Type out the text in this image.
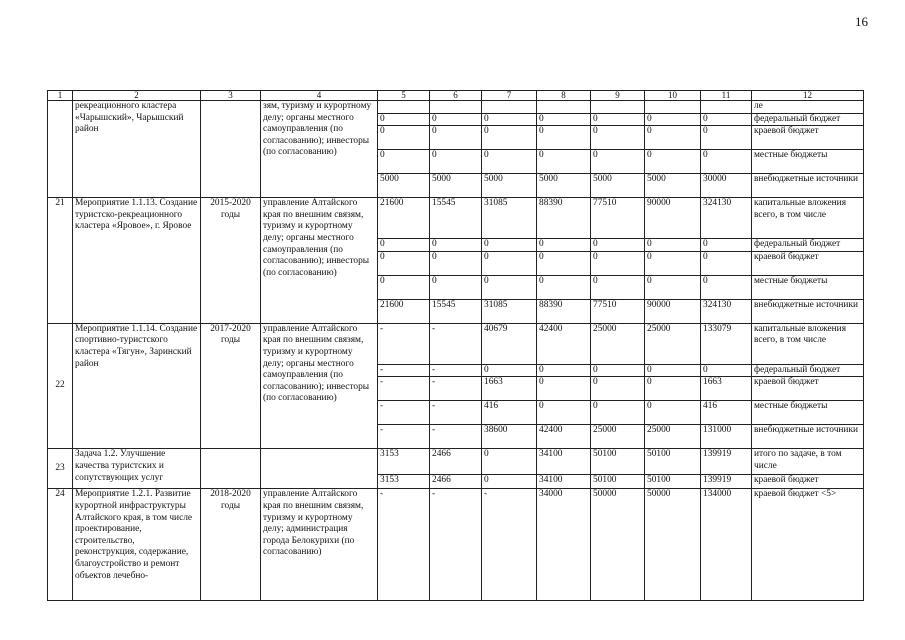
16
1	2	3	4	5	6	7	8	9	10	11	12
	рекреационного кластера «Чарышский», Чарышский район		зям, туризму и курортному делу; органы местного самоуправления (по согласованию); инвесторы (по согласованию)								ле
				0	0	0	0	0	0	0	федеральный бюджет
				0	0	0	0	0	0	0	краевой бюджет
				0	0	0	0	0	0	0	местные бюджеты
				5000	5000	5000	5000	5000	5000	30000	внебюджетные источники
21	Мероприятие 1.1.13. Создание туристско-рекреационного кластера «Яровое», г. Яровое	2015-2020 годы	управление Алтайского края по внешним связям, туризму и курортному делу; органы местного самоуправления (по согласованию); инвесторы (по согласованию)	21600	15545	31085	88390	77510	90000	324130	капитальные вложения всего, в том числе
				0	0	0	0	0	0	0	федеральный бюджет
				0	0	0	0	0	0	0	краевой бюджет
				0	0	0	0	0	0	0	местные бюджеты
				21600	15545	31085	88390	77510	90000	324130	внебюджетные источники
22	Мероприятие 1.1.14. Создание спортивно-туристского кластера «Тягун», Заринский район	2017-2020 годы	управление Алтайского края по внешним связям, туризму и курортному делу; органы местного самоуправления (по согласованию); инвесторы (по согласованию)	-	-	40679	42400	25000	25000	133079	капитальные вложения всего, в том числе
				-	-	0	0	0	0	0	федеральный бюджет
				-	-	1663	0	0	0	1663	краевой бюджет
				-	-	416	0	0	0	416	местные бюджеты
				-	-	38600	42400	25000	25000	131000	внебюджетные источники
23	Задача 1.2. Улучшение качества туристских и сопутствующих услуг			3153	2466	0	34100	50100	50100	139919	итого по задаче, в том числе
				3153	2466	0	34100	50100	50100	139919	краевой бюджет
24	Мероприятие 1.2.1. Развитие курортной инфраструктуры Алтайского края, в том числе проектирование, строительство, реконструкция, содержание, благоустройство и ремонт объектов лечебно-	2018-2020 годы	управление Алтайского края по внешним связям, туризму и курортному делу; администрация города Белокурихи (по согласованию)	-	-	-	34000	50000	50000	134000	краевой бюджет <5>
